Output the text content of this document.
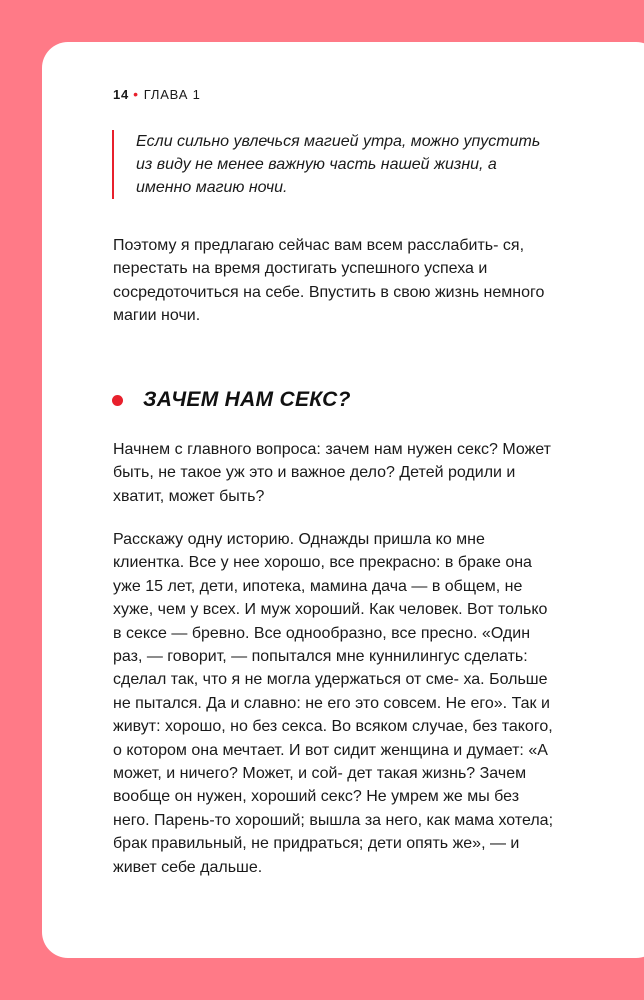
14 • ГЛАВА 1

Если сильно увлечься магией утра, можно упустить из виду не менее важную часть нашей жизни, а именно магию ночи.

Поэтому я предлагаю сейчас вам всем расслабить- ся, перестать на время достигать успешного успеха и сосредоточиться на себе. Впустить в свою жизнь немного магии ночи.

ЗАЧЕМ НАМ СЕКС?

Начнем с главного вопроса: зачем нам нужен секс? Может быть, не такое уж это и важное дело? Детей родили и хватит, может быть?

Расскажу одну историю. Однажды пришла ко мне клиентка. Все у нее хорошо, все прекрасно: в браке она уже 15 лет, дети, ипотека, мамина дача — в общем, не хуже, чем у всех. И муж хороший. Как человек. Вот только в сексе — бревно. Все однообразно, все пресно. «Один раз, — говорит, — попытался мне куннилингус сделать: сделал так, что я не могла удержаться от сме- ха. Больше не пытался. Да и славно: не его это совсем. Не его». Так и живут: хорошо, но без секса. Во всяком случае, без такого, о котором она мечтает. И вот сидит женщина и думает: «А может, и ничего? Может, и сой- дет такая жизнь? Зачем вообще он нужен, хороший секс? Не умрем же мы без него. Парень-то хороший; вышла за него, как мама хотела; брак правильный, не придраться; дети опять же», — и живет себе дальше.
